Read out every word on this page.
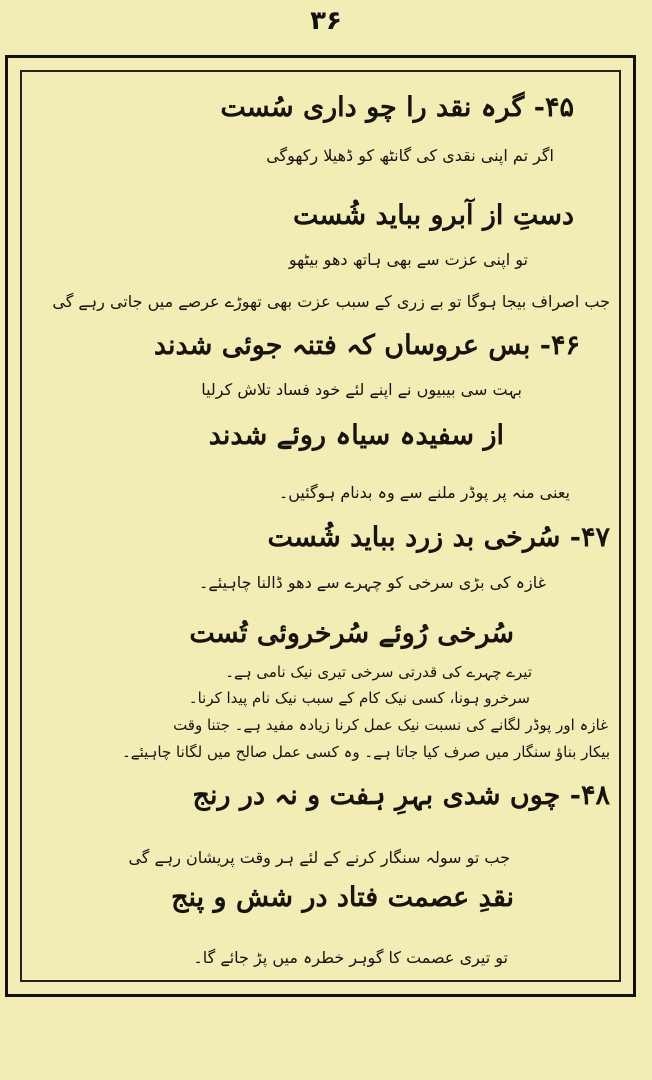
۳۶
۴۵- گرہ نقد را چو داری سُست
اگر تم اپنی نقدی کی گانٹھ کو ڈھیلا رکھوگی
دستِ از آبرو بباید شُست
تو اپنی عزت سے بھی ہاتھ دھو بیٹھو
جب اصراف بیجا ہوگا تو بے زری کے سبب عزت بھی تھوڑے عرصے میں جاتی رہے گی
۴۶- بس عروساں کہ فتنہ جوئی شدند
بہت سی بیبیوں نے اپنے لئے خود فساد تلاش کرلیا
از سفیدہ سیاہ روئے شدند
یعنی منہ پر پوڈر ملنے سے وہ بدنام ہوگئیں۔
۴۷- سُرخی بد زرد بباید شُست
غازہ کی بڑی سرخی کو چہرے سے دھو ڈالنا چاہیئے۔
سُرخی رُوئے سُرخروئی تُست
تیرے چہرے کی قدرتی سرخی تیری نیک نامی ہے۔
سرخرو ہونا، کسی نیک کام کے سبب نیک نام پیدا کرنا۔
غازہ اور پوڈر لگانے کی نسبت نیک عمل کرنا زیادہ مفید ہے۔ جتنا وقت
بیکار بناؤ سنگار میں صرف کیا جاتا ہے۔ وہ کسی عمل صالح میں لگانا چاہیئے۔
۴۸- چوں شدی بہرِ ہفت و نہ در رنج
جب تو سولہ سنگار کرنے کے لئے ہر وقت پریشان رہے گی
نقدِ عصمت فتاد در شش و پنج
تو تیری عصمت کا گوہر خطرہ میں پڑ جائے گا۔
